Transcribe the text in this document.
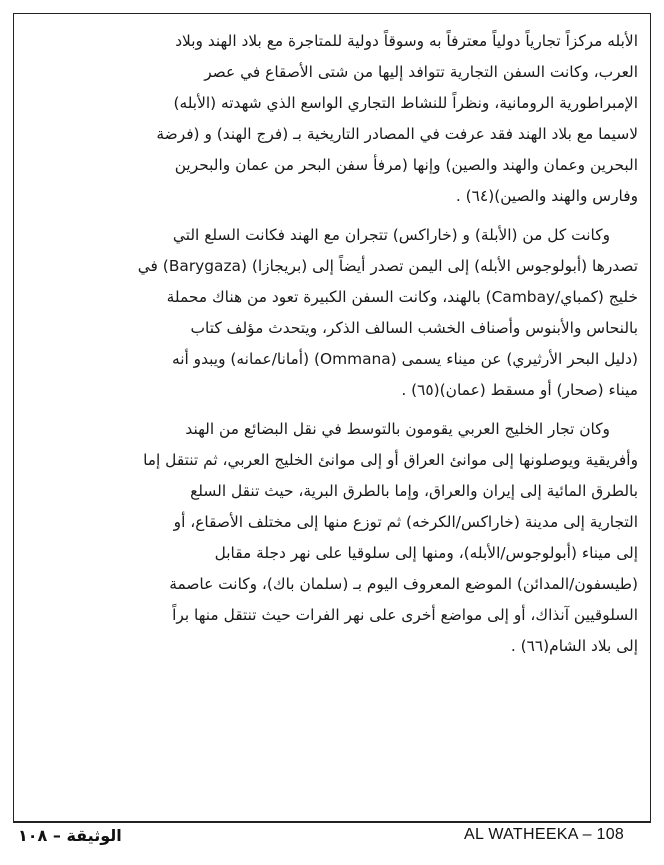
الأبله مركزاً تجارياً دولياً معترفاً به وسوقاً دولية للمتاجرة مع بلاد الهند وبلاد
العرب، وكانت السفن التجارية تتوافد إليها من شتى الأصقاع في عصر
الإمبراطورية الرومانية، ونظراً للنشاط التجاري الواسع الذي شهدته (الأبله)
لاسيما مع بلاد الهند فقد عرفت في المصادر التاريخية بـ (فرج الهند) و (فرضة
البحرين وعمان والهند والصين) وإنها (مرفأ سفن البحر من عمان والبحرين
وفارس والهند والصين)(٦٤) .
وكانت كل من (الأبلة) و (خاراكس) تتجران مع الهند فكانت السلع التي
تصدرها (أبولوجوس الأبله) إلى اليمن تصدر أيضاً إلى (بريجازا) (Barygaza) في
خليج (كمباي/Cambay) بالهند، وكانت السفن الكبيرة تعود من هناك محملة
بالنحاس والأبنوس وأصناف الخشب السالف الذكر، ويتحدث مؤلف كتاب
(دليل البحر الأرثيري) عن ميناء يسمى (Ommana) (أمانا/عمانه) ويبدو أنه
ميناء (صحار) أو مسقط (عمان)(٦٥) .
وكان تجار الخليج العربي يقومون بالتوسط في نقل البضائع من الهند
وأفريقية ويوصلونها إلى موانئ العراق أو إلى موانئ الخليج العربي، ثم تنتقل إما
بالطرق المائية إلى إيران والعراق، وإما بالطرق البرية، حيث تنقل السلع
التجارية إلى مدينة (خاراكس/الكرخه) ثم توزع منها إلى مختلف الأصقاع، أو
إلى ميناء (أبولوجوس/الأبله)، ومنها إلى سلوقيا على نهر دجلة مقابل
(طيسفون/المدائن) الموضع المعروف اليوم بـ (سلمان باك)، وكانت عاصمة
السلوقيين آنذاك، أو إلى مواضع أخرى على نهر الفرات حيث تنتقل منها براً
إلى بلاد الشام(٦٦) .
AL WATHEEKA – 108
الوثيقة – ١٠٨
